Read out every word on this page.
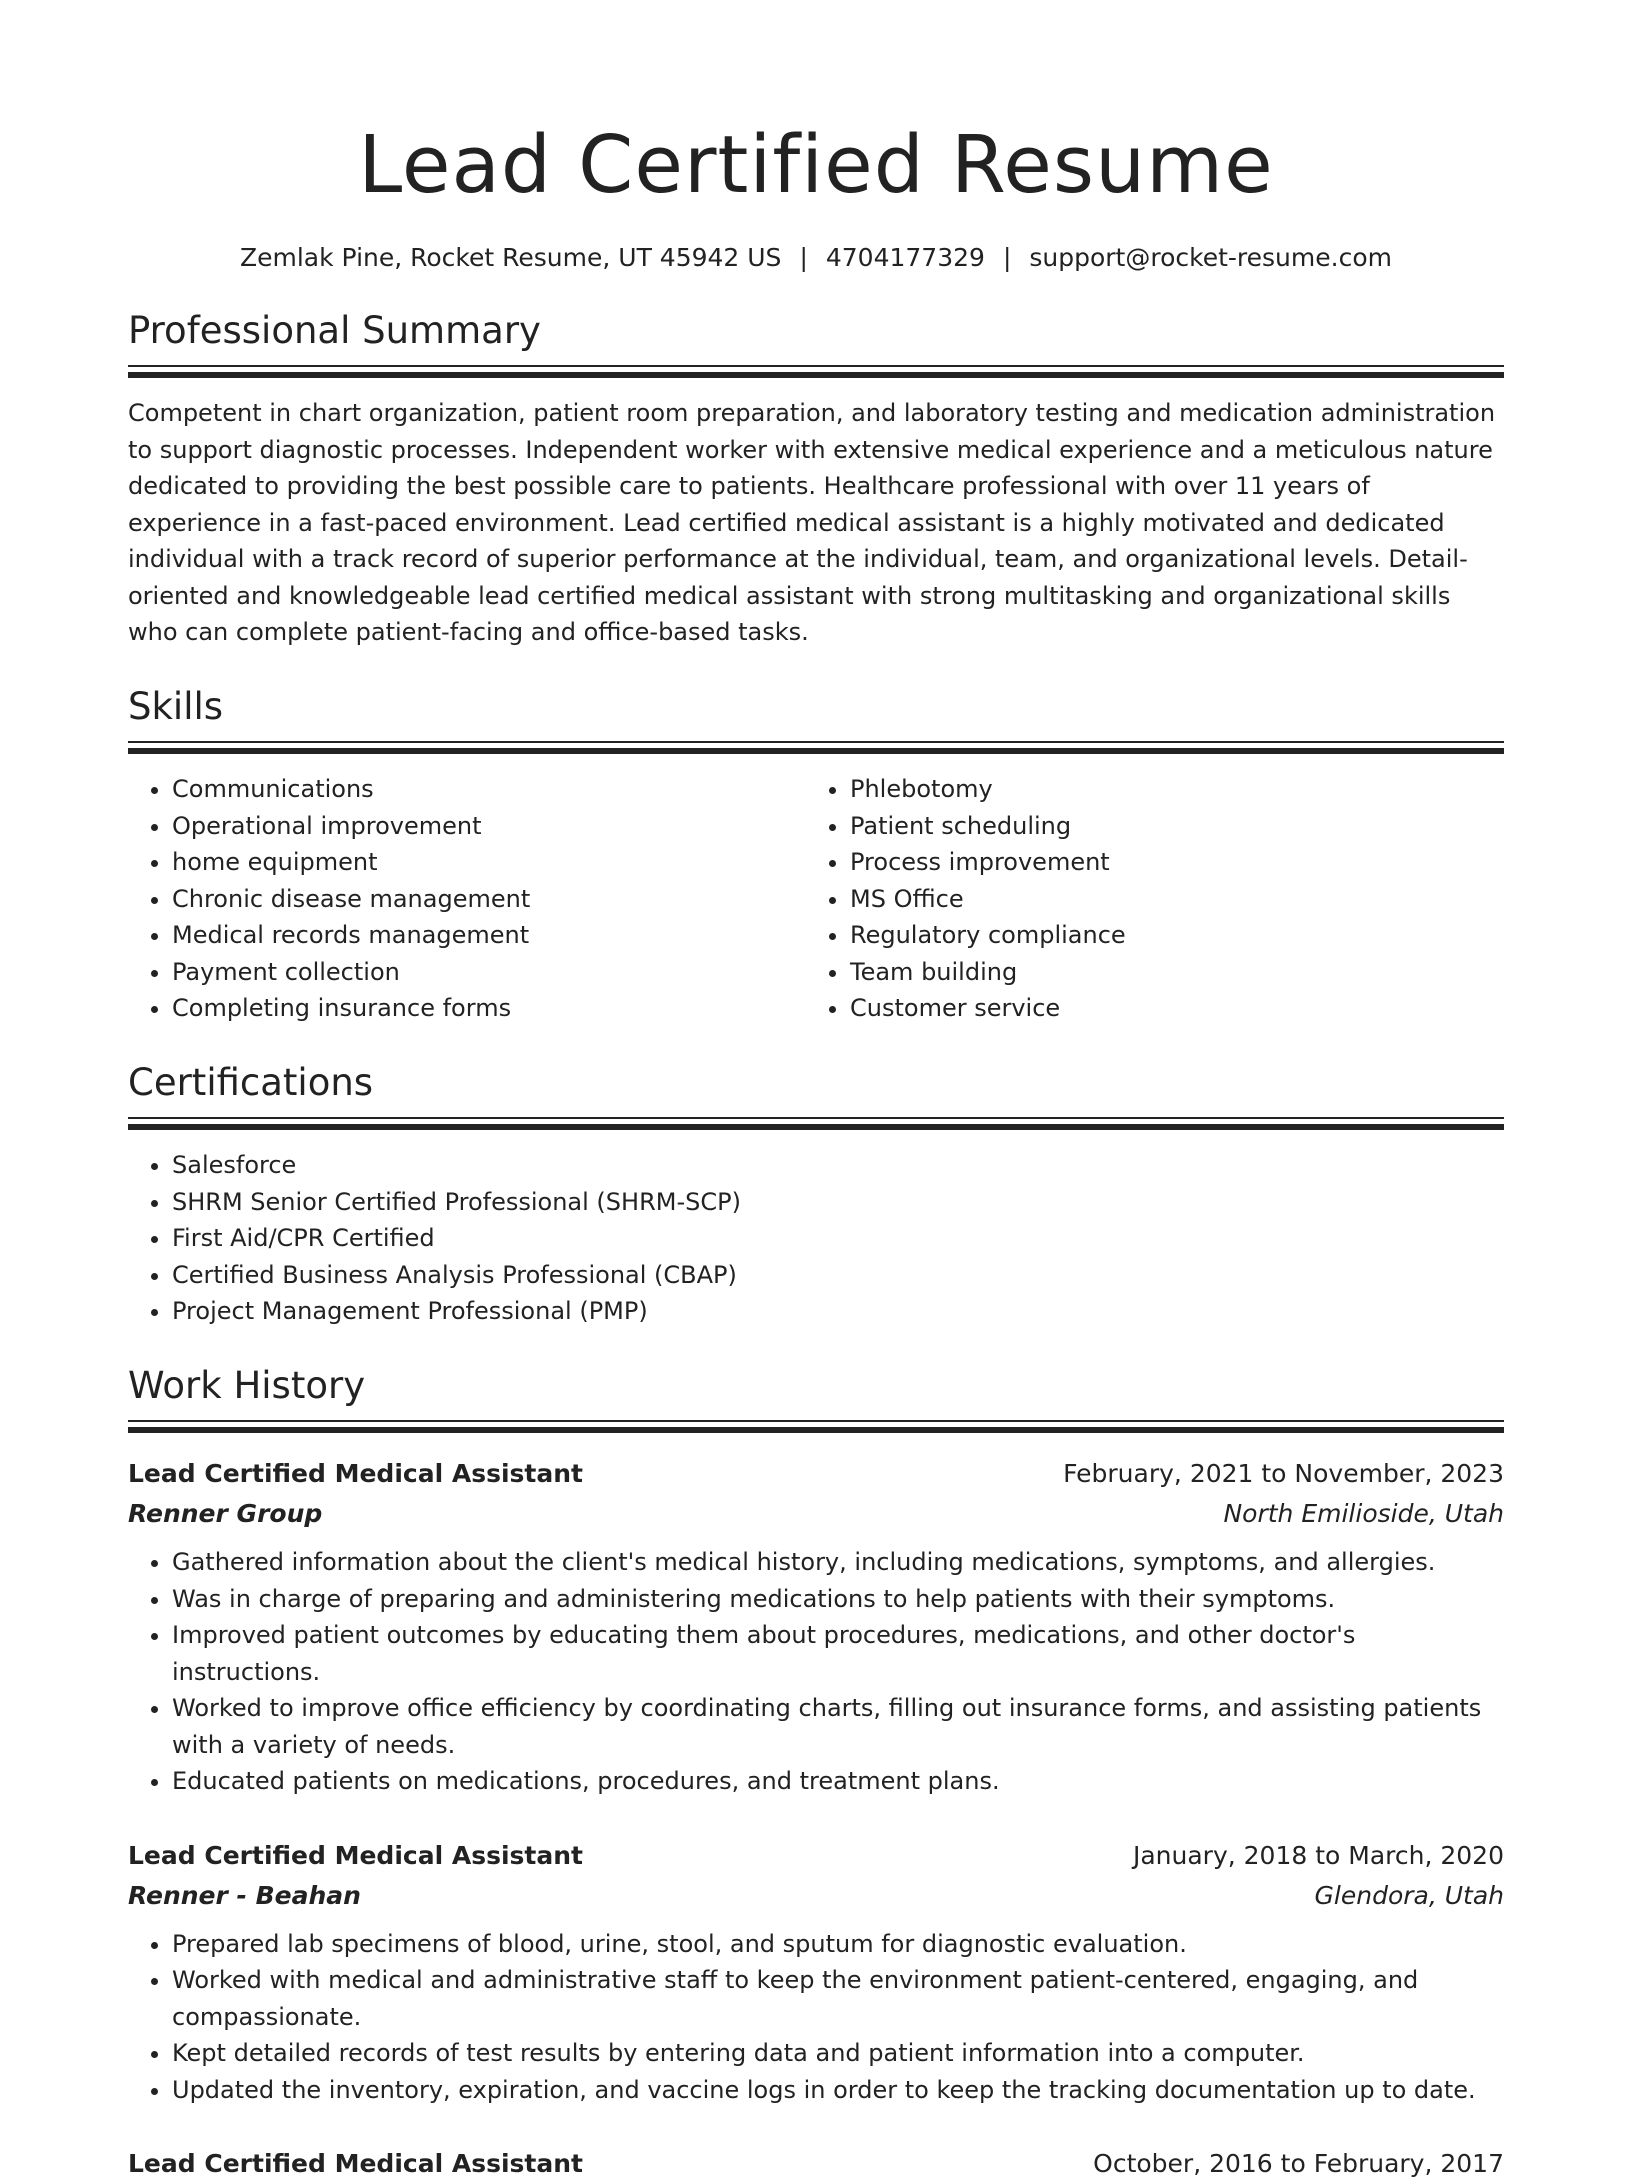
Lead Certified Resume
Zemlak Pine, Rocket Resume, UT 45942 US | 4704177329 | support@rocket-resume.com
Professional Summary

Competent in chart organization, patient room preparation, and laboratory testing and medication administration to support diagnostic processes. Independent worker with extensive medical experience and a meticulous nature dedicated to providing the best possible care to patients. Healthcare professional with over 11 years of experience in a fast-paced environment. Lead certified medical assistant is a highly motivated and dedicated individual with a track record of superior performance at the individual, team, and organizational levels. Detail-oriented and knowledgeable lead certified medical assistant with strong multitasking and organizational skills who can complete patient-facing and office-based tasks.

Skills
• Communications
• Operational improvement
• home equipment
• Chronic disease management
• Medical records management
• Payment collection
• Completing insurance forms
• Phlebotomy
• Patient scheduling
• Process improvement
• MS Office
• Regulatory compliance
• Team building
• Customer service
Certifications
• Salesforce
• SHRM Senior Certified Professional (SHRM-SCP)
• First Aid/CPR Certified
• Certified Business Analysis Professional (CBAP)
• Project Management Professional (PMP)
Work History
Lead Certified Medical Assistant	February, 2021 to November, 2023
Renner Group	North Emilioside, Utah
• Gathered information about the client's medical history, including medications, symptoms, and allergies.
• Was in charge of preparing and administering medications to help patients with their symptoms.
• Improved patient outcomes by educating them about procedures, medications, and other doctor's instructions.
• Worked to improve office efficiency by coordinating charts, filling out insurance forms, and assisting patients with a variety of needs.
• Educated patients on medications, procedures, and treatment plans.
Lead Certified Medical Assistant	January, 2018 to March, 2020
Renner - Beahan	Glendora, Utah
• Prepared lab specimens of blood, urine, stool, and sputum for diagnostic evaluation.
• Worked with medical and administrative staff to keep the environment patient-centered, engaging, and compassionate.
• Kept detailed records of test results by entering data and patient information into a computer.
• Updated the inventory, expiration, and vaccine logs in order to keep the tracking documentation up to date.
Lead Certified Medical Assistant	October, 2016 to February, 2017
